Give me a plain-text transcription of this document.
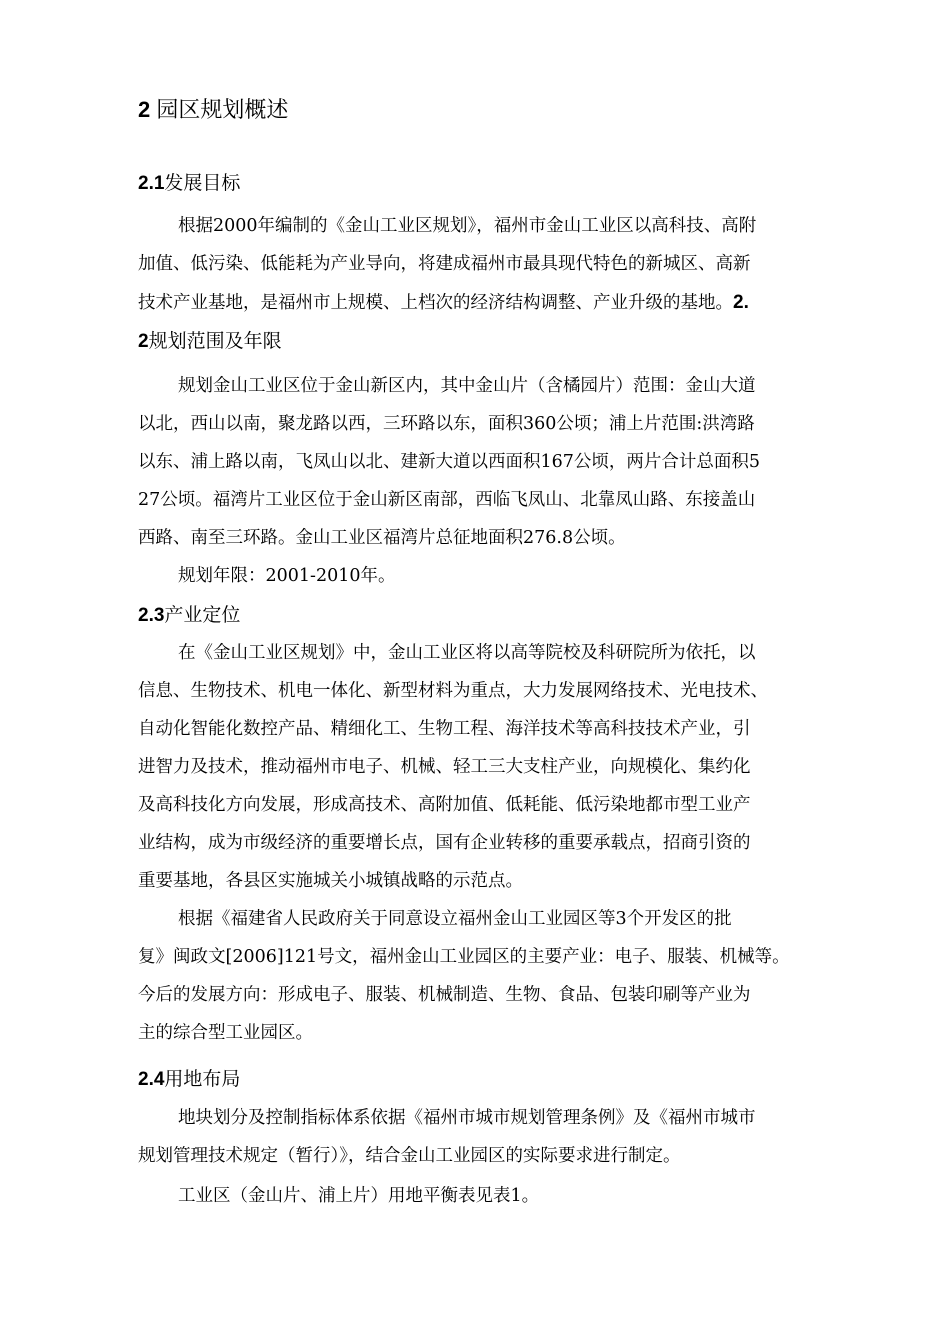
2 园区规划概述
2.1发展目标

根据2000年编制的《金山工业区规划》，福州市金山工业区以高科技、高附

加值、低污染、低能耗为产业导向，将建成福州市最具现代特色的新城区、高新

技术产业基地，是福州市上规模、上档次的经济结构调整、产业升级的基地。2.

2规划范围及年限

规划金山工业区位于金山新区内，其中金山片（含橘园片）范围：金山大道

以北，西山以南，聚龙路以西，三环路以东，面积360公顷；浦上片范围:洪湾路

以东、浦上路以南，飞凤山以北、建新大道以西面积167公顷，两片合计总面积5

27公顷。福湾片工业区位于金山新区南部，西临飞凤山、北靠凤山路、东接盖山

西路、南至三环路。金山工业区福湾片总征地面积276.8公顷。

规划年限：2001-2010年。

2.3产业定位

在《金山工业区规划》中，金山工业区将以高等院校及科研院所为依托，以

信息、生物技术、机电一体化、新型材料为重点，大力发展网络技术、光电技术、

自动化智能化数控产品、精细化工、生物工程、海洋技术等高科技技术产业，引

进智力及技术，推动福州市电子、机械、轻工三大支柱产业，向规模化、集约化

及高科技化方向发展，形成高技术、高附加值、低耗能、低污染地都市型工业产

业结构，成为市级经济的重要增长点，国有企业转移的重要承载点，招商引资的

重要基地，各县区实施城关小城镇战略的示范点。

根据《福建省人民政府关于同意设立福州金山工业园区等3个开发区的批

复》闽政文[2006]121号文，福州金山工业园区的主要产业：电子、服装、机械等。

今后的发展方向：形成电子、服装、机械制造、生物、食品、包装印刷等产业为

主的综合型工业园区。

2.4用地布局

地块划分及控制指标体系依据《福州市城市规划管理条例》及《福州市城市

规划管理技术规定（暂行）》，结合金山工业园区的实际要求进行制定。

工业区（金山片、浦上片）用地平衡表见表1。
